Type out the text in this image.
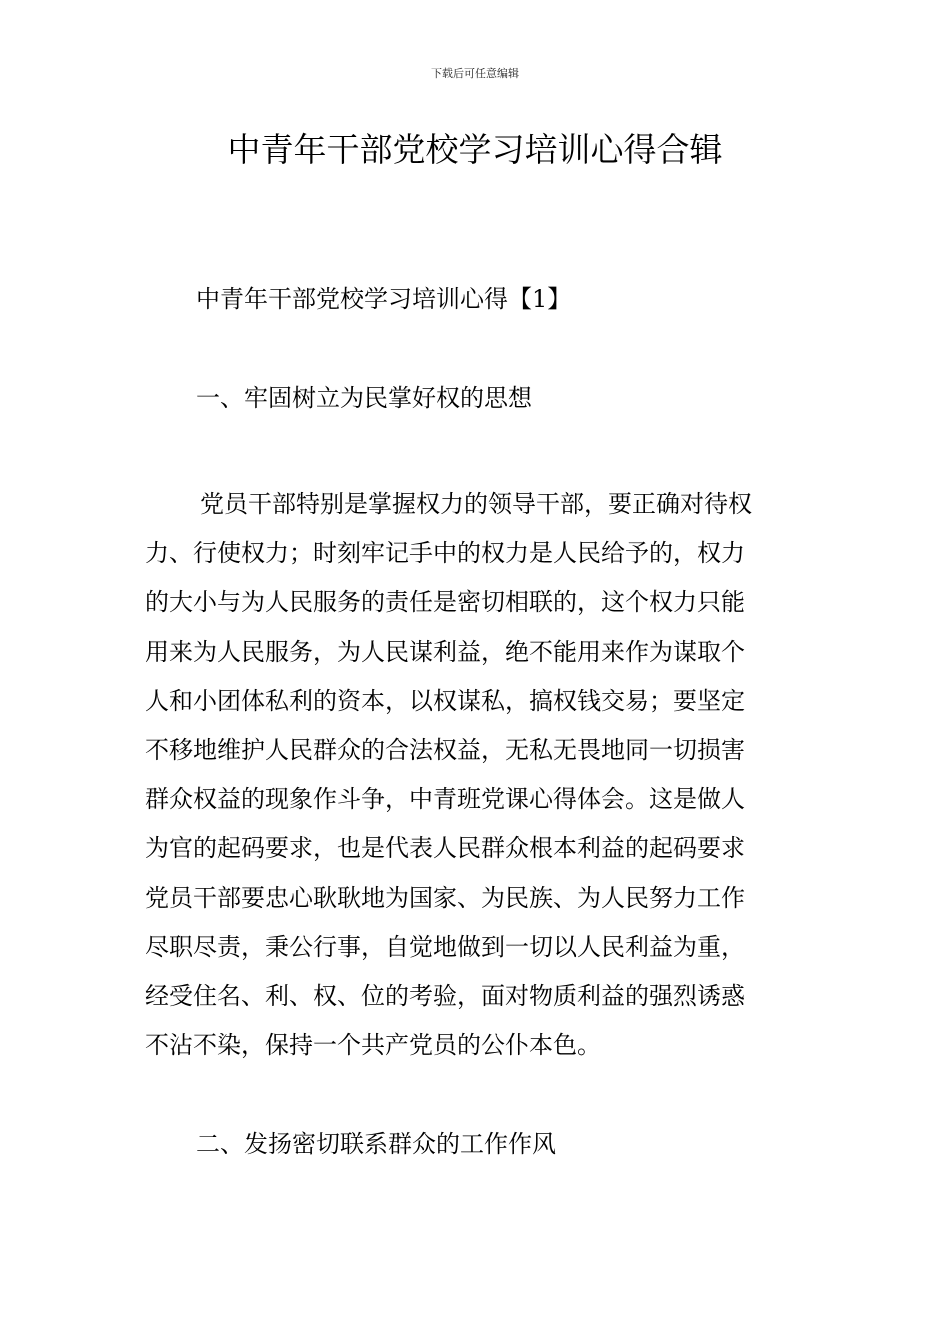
下载后可任意编辑
中青年干部党校学习培训心得合辑
中青年干部党校学习培训心得【1】
一、牢固树立为民掌好权的思想

党员干部特别是掌握权力的领导干部，要正确对待权
力、行使权力；时刻牢记手中的权力是人民给予的，权力
的大小与为人民服务的责任是密切相联的，这个权力只能
用来为人民服务，为人民谋利益，绝不能用来作为谋取个
人和小团体私利的资本，以权谋私，搞权钱交易；要坚定
不移地维护人民群众的合法权益，无私无畏地同一切损害
群众权益的现象作斗争，中青班党课心得体会。这是做人
为官的起码要求，也是代表人民群众根本利益的起码要求
党员干部要忠心耿耿地为国家、为民族、为人民努力工作
尽职尽责，秉公行事，自觉地做到一切以人民利益为重，
经受住名、利、权、位的考验，面对物质利益的强烈诱惑
不沾不染，保持一个共产党员的公仆本色。

二、发扬密切联系群众的工作作风
